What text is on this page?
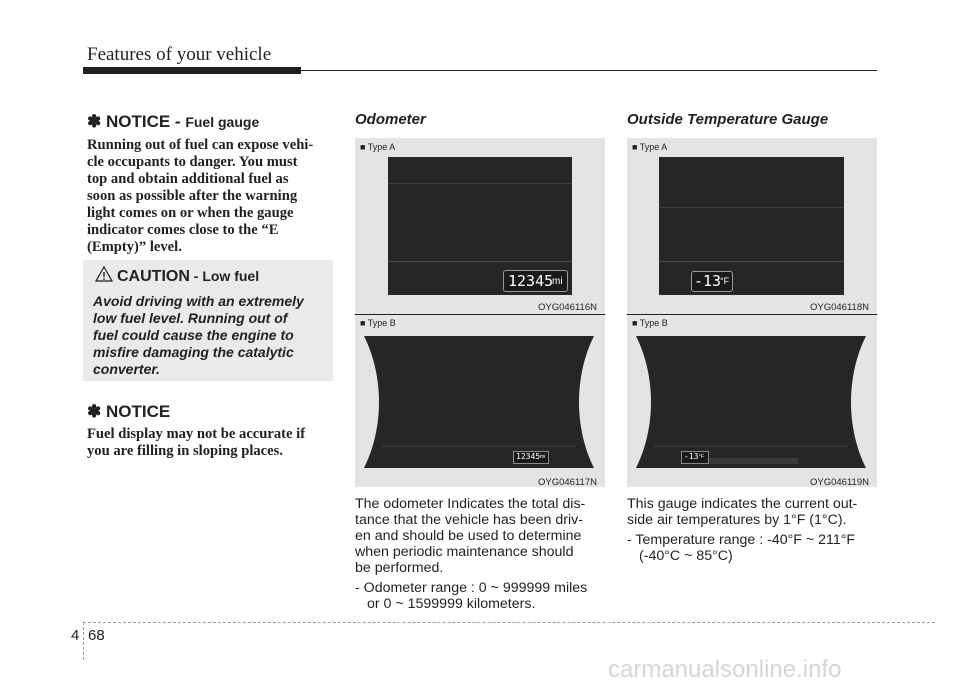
Features of your vehicle
✽ NOTICE - Fuel gauge
Running out of fuel can expose vehi-
cle occupants to danger. You must
top and obtain additional fuel as
soon as possible after the warning
light comes on or when the gauge
indicator comes close to the “E
(Empty)” level.
CAUTION - Low fuel
Avoid driving with an extremely
low fuel level. Running out of
fuel could cause the engine to
misfire damaging the catalytic
converter.
✽ NOTICE
Fuel display may not be accurate if
you are filling in sloping places.
Odometer
■ Type A
12345
mi
OYG046116N
■ Type B
12345 mi
OYG046117N
The odometer Indicates the total dis-
tance that the vehicle has been driv-
en and should be used to determine
when periodic maintenance should
be performed.
- Odometer range : 0 ~ 999999 miles
or 0 ~ 1599999 kilometers.
Outside Temperature Gauge
■ Type A
-13
°F
OYG046118N
■ Type B
-13 °F
OYG046119N
This gauge indicates the current out-
side air temperatures by 1°F (1°C).
- Temperature range : -40°F ~ 211°F
(-40°C ~ 85°C)
4 68
carmanualsonline.info
